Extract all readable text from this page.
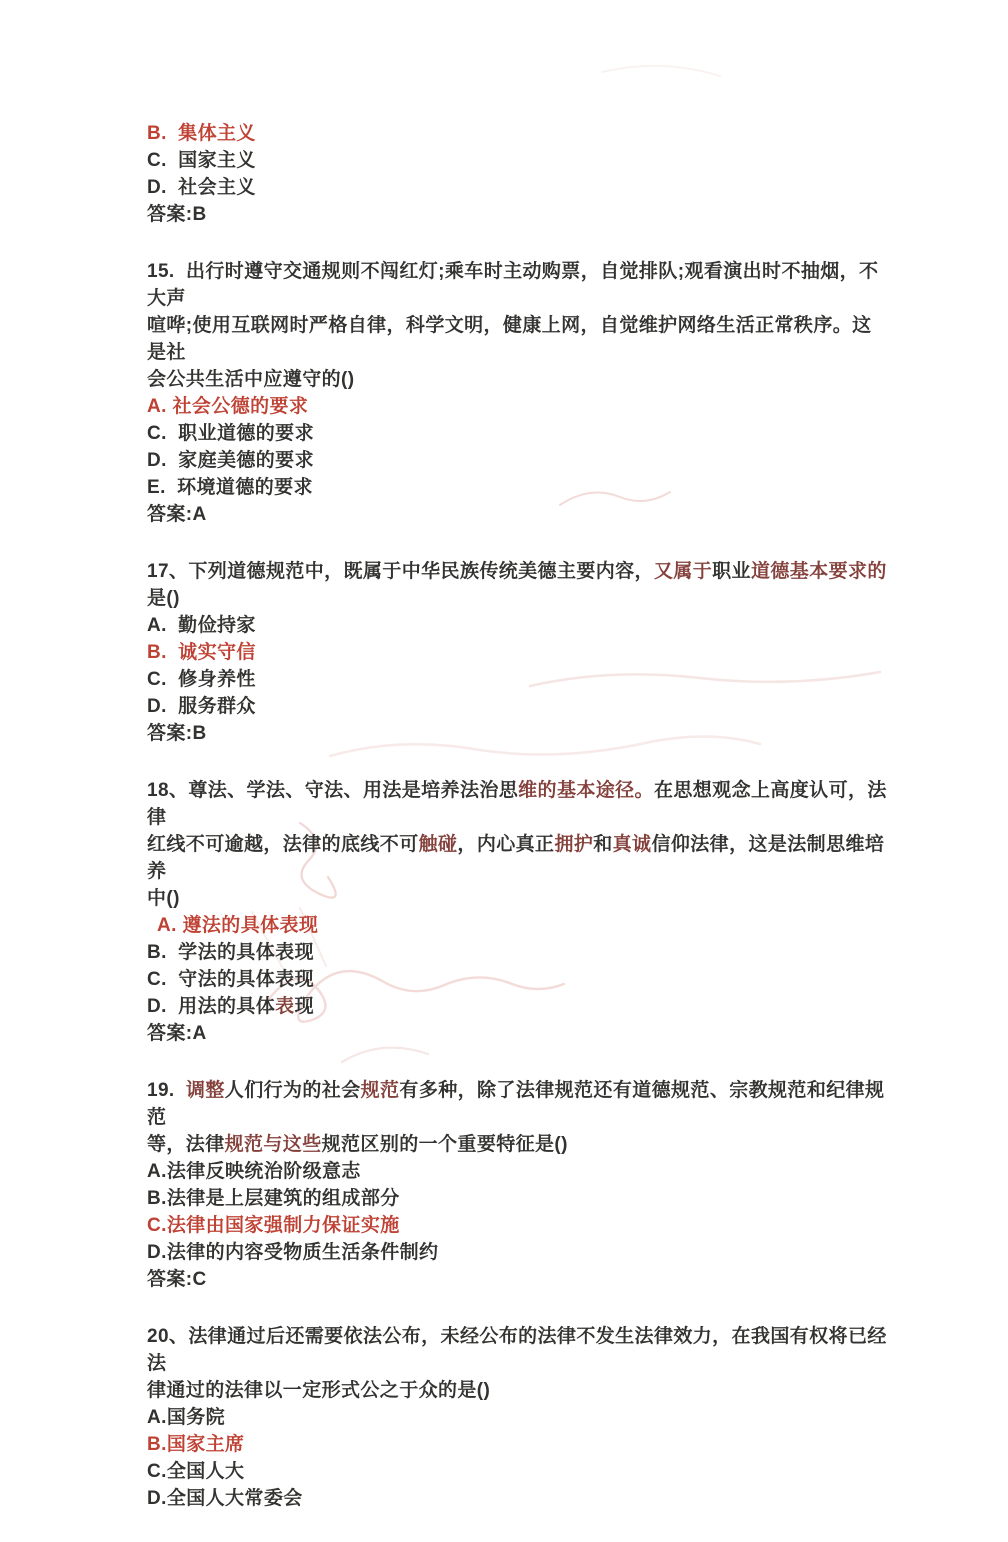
B. 集体主义
C.  国家主义
D.  社会主义
答案:B
15.  出行时遵守交通规则不闯红灯;乘车时主动购票，自觉排队;观看演出时不抽烟，不大声
喧哗;使用互联网时严格自律，科学文明，健康上网，自觉维护网络生活正常秩序。这是社
会公共生活中应遵守的()
A. 社会公德的要求
C.  职业道德的要求
D.  家庭美德的要求
E.  环境道德的要求
答案:A
17、下列道德规范中，既属于中华民族传统美德主要内容，又属于职业道德基本要求的是()
A.  勤俭持家
B.  诚实守信
C.  修身养性
D.  服务群众
答案:B
18、尊法、学法、守法、用法是培养法治思维的基本途径。在思想观念上高度认可，法律
红线不可逾越，法律的底线不可触碰，内心真正拥护和真诚信仰法律，这是法制思维培养
中()
A. 遵法的具体表现
B.  学法的具体表现
C.  守法的具体表现
D.  用法的具体表现
答案:A
19. 调整人们行为的社会规范有多种，除了法律规范还有道德规范、宗教规范和纪律规范
等，法律规范与这些规范区别的一个重要特征是()
A.法律反映统治阶级意志
B.法律是上层建筑的组成部分
C.法律由国家强制力保证实施
D.法律的内容受物质生活条件制约
答案:C
20、法律通过后还需要依法公布，未经公布的法律不发生法律效力，在我国有权将已经法
律通过的法律以一定形式公之于众的是()
A.国务院
B.国家主席
C.全国人大
D.全国人大常委会
